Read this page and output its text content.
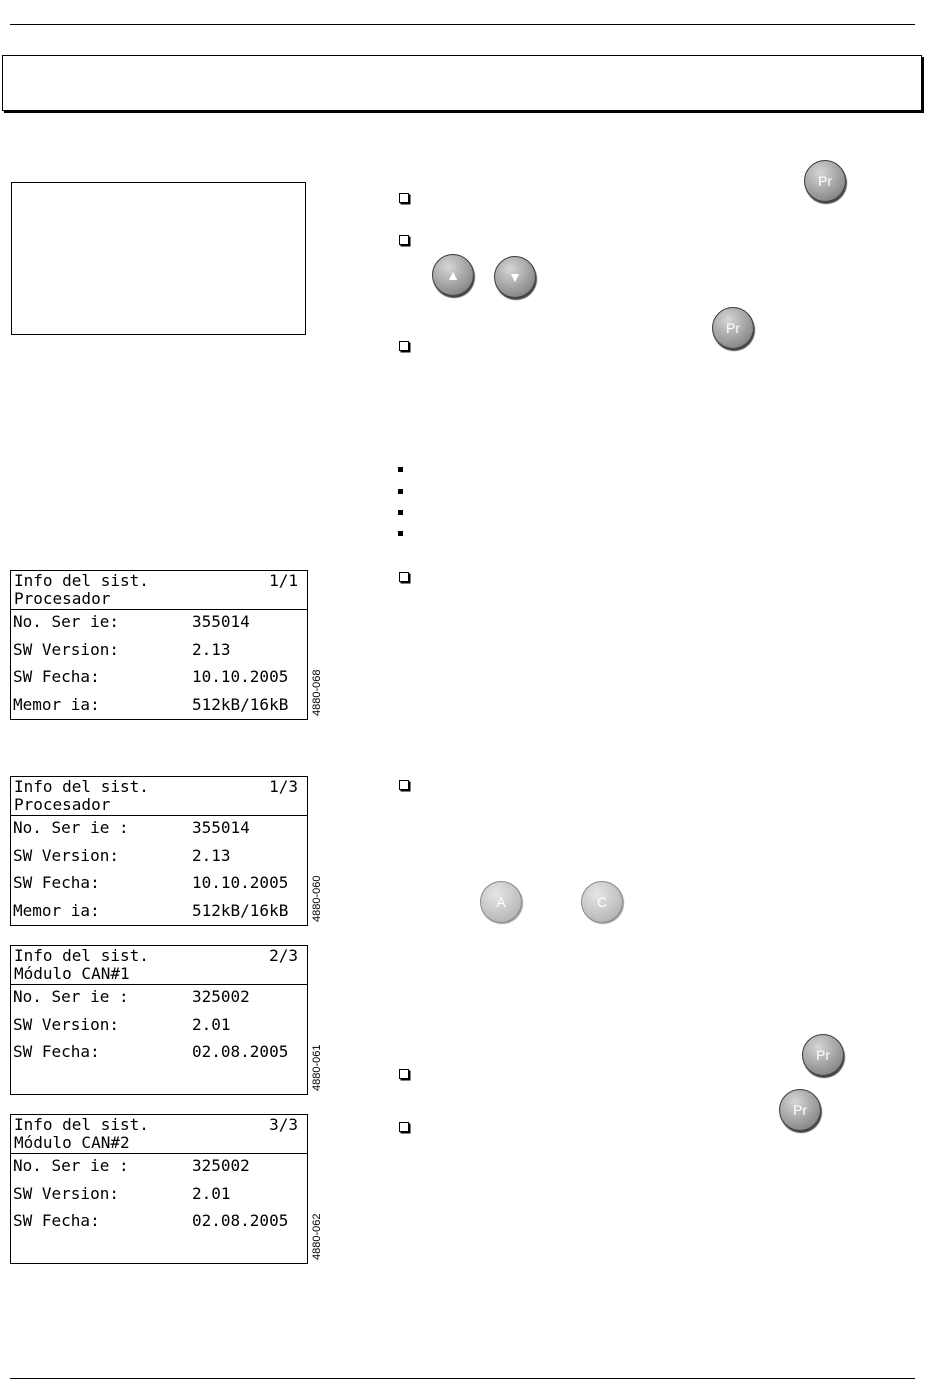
Info del sist.	1/1
Procesador
No. Ser ie:	355014
SW Version:	2.13
SW Fecha:	10.10.2005
Memor ia:	512kB/16kB 4880-068
Info del sist.	1/3
Procesador
No. Ser ie :	355014
SW Version:	2.13
SW Fecha:	10.10.2005
Memor ia:	512kB/16kB 4880-060
Info del sist.	2/3
Módulo CAN#1
No. Ser ie :	325002
SW Version:	2.01
SW Fecha:	02.08.2005 4880-061
Info del sist.	3/3
Módulo CAN#2
No. Ser ie :	325002
SW Version:	2.01
SW Fecha:	02.08.2005 4880-062
Pr
▲	▼
Pr
A	C
Pr
Pr
